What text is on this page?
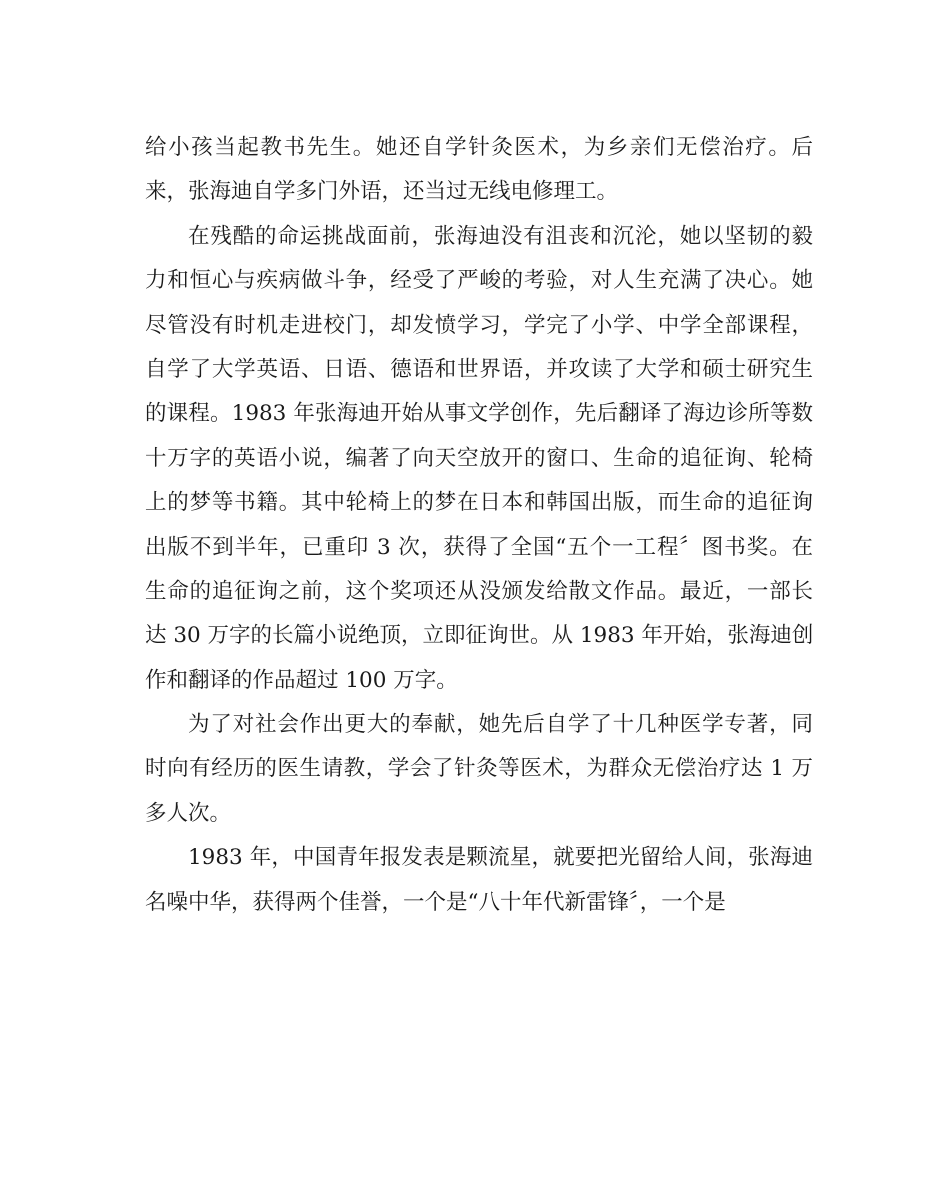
给小孩当起教书先生。她还自学针灸医术，为乡亲们无偿治疗。后
来，张海迪自学多门外语，还当过无线电修理工。
在残酷的命运挑战面前，张海迪没有沮丧和沉沦，她以坚韧的毅
力和恒心与疾病做斗争，经受了严峻的考验，对人生充满了决心。她
尽管没有时机走进校门，却发愤学习，学完了小学、中学全部课程，
自学了大学英语、日语、德语和世界语，并攻读了大学和硕士研究生
的课程。1983 年张海迪开始从事文学创作，先后翻译了海边诊所等数
十万字的英语小说，编著了向天空放开的窗口、生命的追征询、轮椅
上的梦等书籍。其中轮椅上的梦在日本和韩国出版，而生命的追征询
出版不到半年，已重印 3 次，获得了全国“五个一工程〞图书奖。在
生命的追征询之前，这个奖项还从没颁发给散文作品。最近，一部长
达 30 万字的长篇小说绝顶，立即征询世。从 1983 年开始，张海迪创
作和翻译的作品超过 100 万字。
为了对社会作出更大的奉献，她先后自学了十几种医学专著，同
时向有经历的医生请教，学会了针灸等医术，为群众无偿治疗达 1 万
多人次。
1983 年，中国青年报发表是颗流星，就要把光留给人间，张海迪
名噪中华，获得两个佳誉，一个是“八十年代新雷锋〞，一个是
